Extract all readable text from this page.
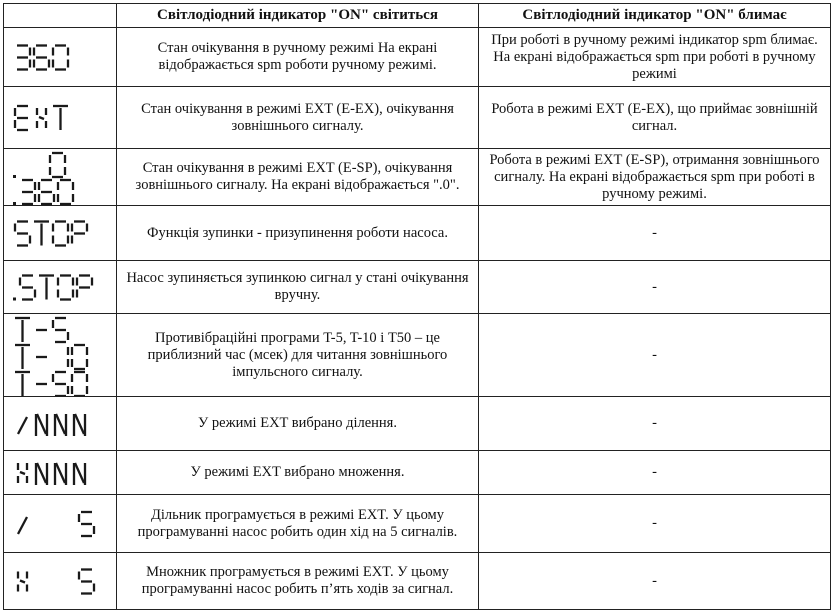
	Світлодіодний індикатор "ON" світиться	Світлодіодний індикатор "ON" блимає

	Стан очікування в ручному режимі На екрані відображається spm роботи ручному режимі.	При роботі в ручному режимі індикатор spm блимає. На екрані відображається spm при роботі в ручному режимі

	Стан очікування в режимі EXT (E-EX), очікування зовнішнього сигналу.	Робота в режимі EXT (E-EX), що приймає зовнішній сигнал.

	Стан очікування в режимі EXT (E-SP), очікування зовнішнього сигналу. На екрані відображається ".0".	Робота в режимі EXT (E-SP), отримання зовнішнього сигналу. На екрані відображається spm при роботі в ручному режимі.

	Функція зупинки - призупинення роботи насоса.	-

	Насос зупиняється зупинкою сигнал у стані очікування вручну.	-

	Противібраційні програми T-5, T-10 і T50 – це приблизний час (мсек) для читання зовнішнього імпульсного сигналу.	-

	У режимі EXT вибрано ділення.	-

	У режимі EXT вибрано множення.	-

	Дільник програмується в режимі EXT. У цьому програмуванні насос робить один хід на 5 сигналів.	-

	Множник програмується в режимі EXT. У цьому програмуванні насос робить п’ять ходів за сигнал.	-
